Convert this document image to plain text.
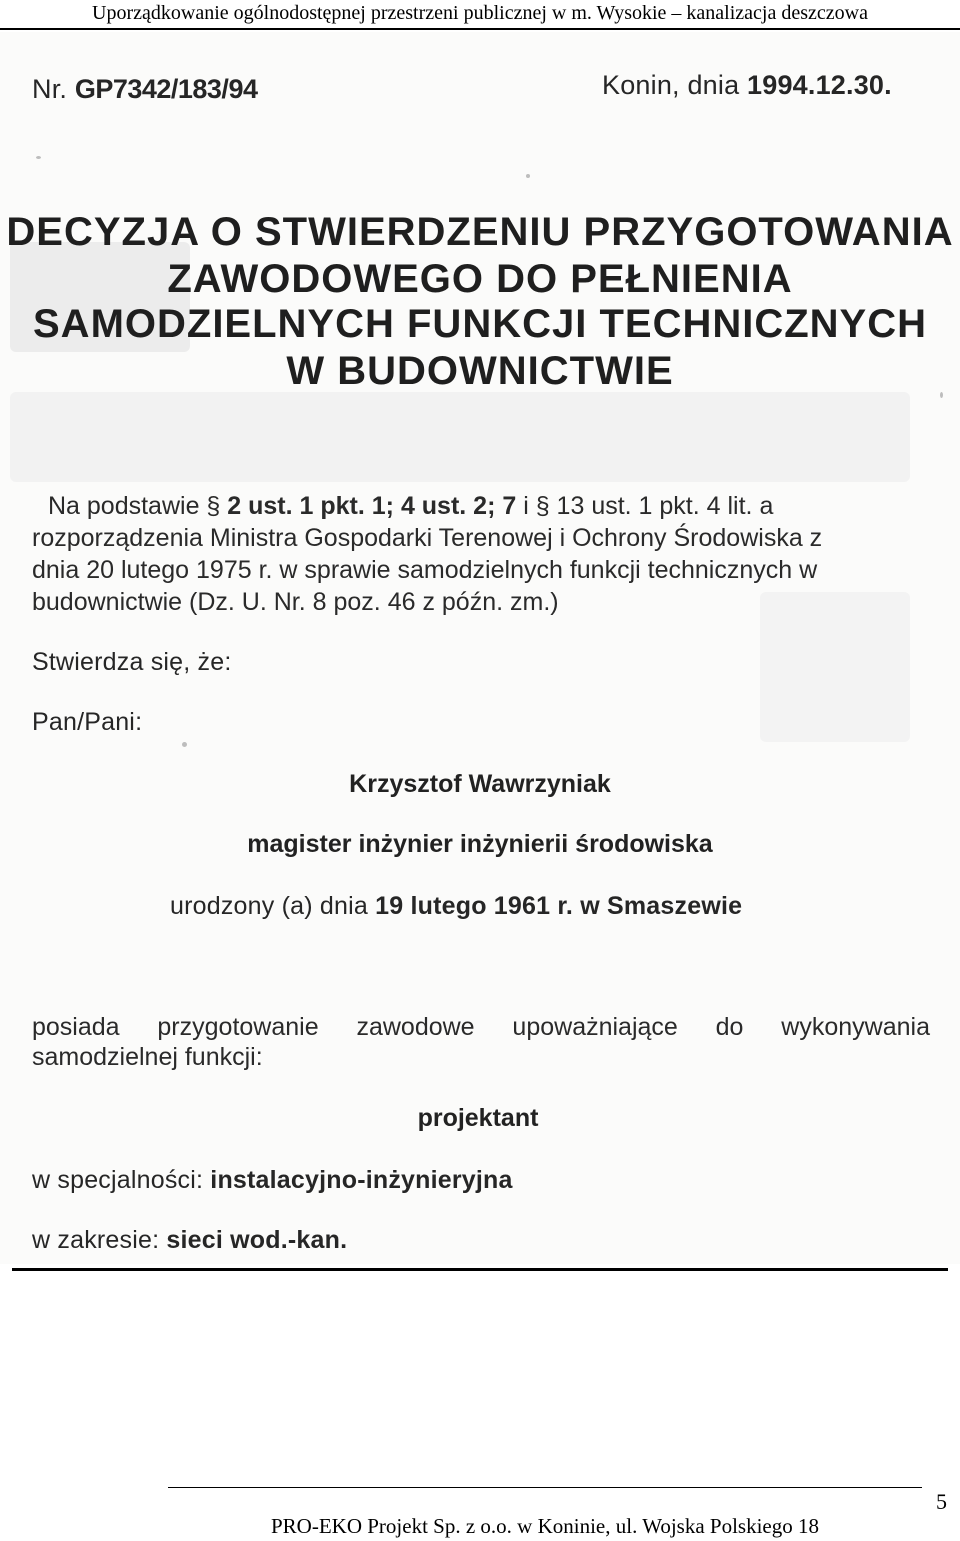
Uporządkowanie ogólnodostępnej przestrzeni publicznej w m. Wysokie – kanalizacja deszczowa
Nr. GP7342/183/94	Konin, dnia 1994.12.30.
DECYZJA O STWIERDZENIU PRZYGOTOWANIA
ZAWODOWEGO DO PEŁNIENIA
SAMODZIELNYCH FUNKCJI TECHNICZNYCH
W BUDOWNICTWIE

Na podstawie § 2 ust. 1 pkt. 1; 4 ust. 2; 7 i § 13 ust. 1 pkt. 4 lit. a

rozporządzenia Ministra Gospodarki Terenowej i Ochrony Środowiska z

dnia 20 lutego 1975 r. w sprawie samodzielnych funkcji technicznych w

budownictwie (Dz. U. Nr. 8 poz. 46 z późn. zm.)

Stwierdza się, że:
Pan/Pani:
Krzysztof Wawrzyniak
magister inżynier inżynierii środowiska
urodzony (a) dnia 19 lutego 1961 r. w Smaszewie
posiada przygotowanie zawodowe upoważniające do wykonywania
samodzielnej funkcji:
projektant
w specjalności: instalacyjno-inżynieryjna
w zakresie: sieci wod.-kan.
PRO-EKO Projekt Sp. z o.o. w Koninie, ul. Wojska Polskiego 18
5
